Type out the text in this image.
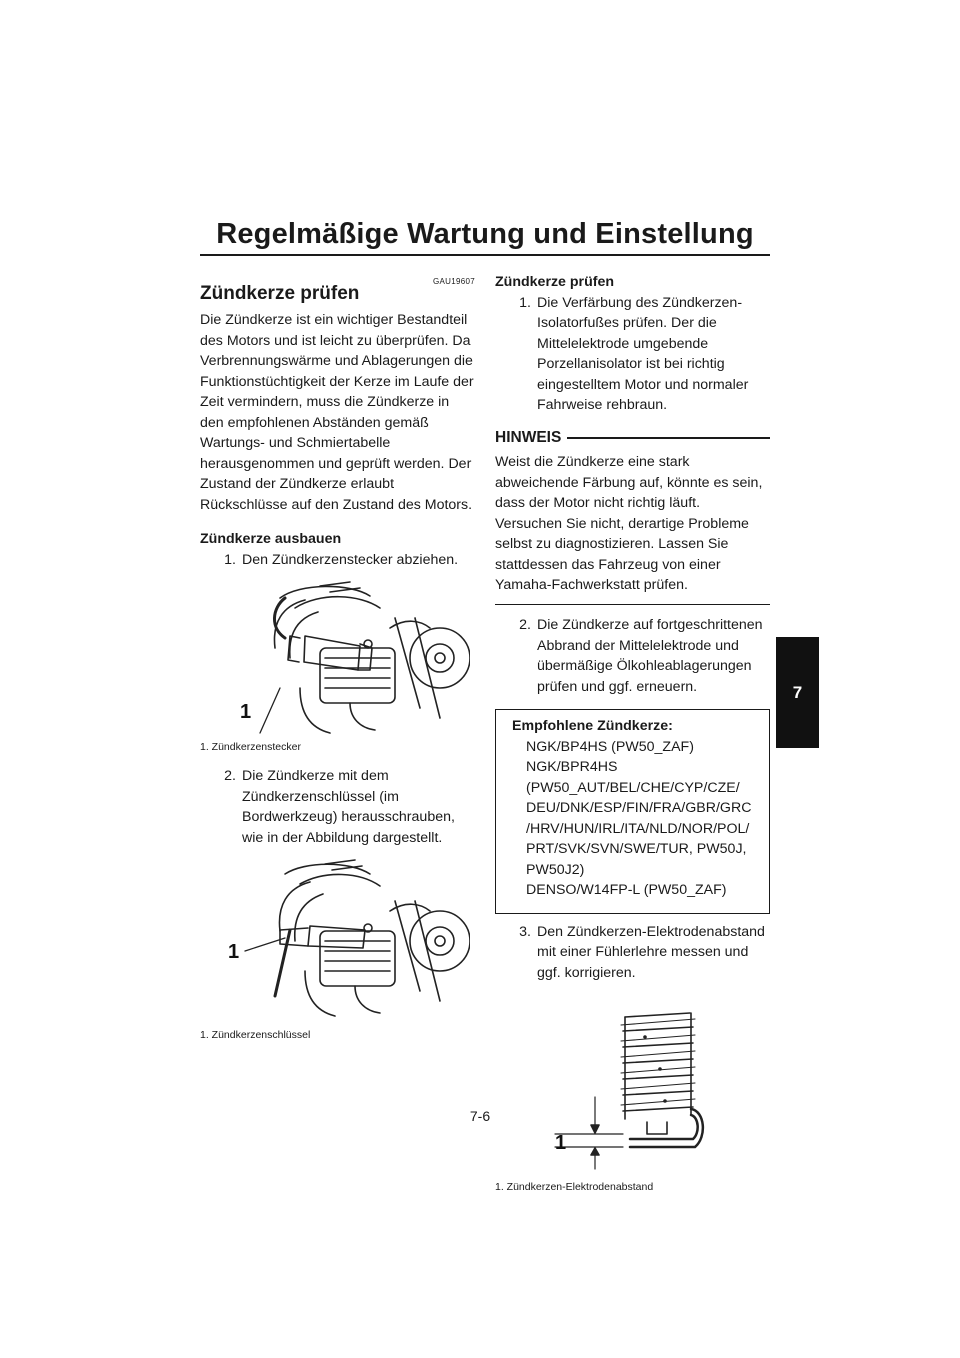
Regelmäßige Wartung und Einstellung
7
GAU19607
Zündkerze prüfen

Die Zündkerze ist ein wichtiger Bestandteil des Motors und ist leicht zu überprüfen. Da Verbrennungswärme und Ablagerungen die Funktionstüchtigkeit der Kerze im Laufe der Zeit vermindern, muss die Zündkerze in den empfohlenen Abständen gemäß Wartungs- und Schmiertabelle herausgenommen und geprüft werden. Der Zustand der Zündkerze erlaubt Rückschlüsse auf den Zustand des Motors.

Zündkerze ausbauen

1. Den Zündkerzenstecker abziehen.
1

1. Zündkerzenstecker

2. Die Zündkerze mit dem Zündkerzenschlüssel (im Bordwerkzeug) herausschrauben, wie in der Abbildung dargestellt.
1

1. Zündkerzenschlüssel

Zündkerze prüfen

1. Die Verfärbung des Zündkerzen-Isolatorfußes prüfen. Der die Mittelelektrode umgebende Porzellanisolator ist bei richtig eingestelltem Motor und normaler Fahrweise rehbraun.
HINWEIS

Weist die Zündkerze eine stark abweichende Färbung auf, könnte es sein, dass der Motor nicht richtig läuft. Versuchen Sie nicht, derartige Probleme selbst zu diagnostizieren. Lassen Sie stattdessen das Fahrzeug von einer Yamaha-Fachwerkstatt prüfen.

2. Die Zündkerze auf fortgeschrittenen Abbrand der Mittelelektrode und übermäßige Ölkohleablagerungen prüfen und ggf. erneuern.
Empfohlene Zündkerze:
NGK/BP4HS (PW50_ZAF)
NGK/BPR4HS
(PW50_AUT/BEL/CHE/CYP/CZE/
DEU/DNK/ESP/FIN/FRA/GBR/GRC
/HRV/HUN/IRL/ITA/NLD/NOR/POL/
PRT/SVK/SVN/SWE/TUR, PW50J,
PW50J2)
DENSO/W14FP-L (PW50_ZAF)
3. Den Zündkerzen-Elektrodenabstand mit einer Fühlerlehre messen und ggf. korrigieren.
1

1. Zündkerzen-Elektrodenabstand

7-6
